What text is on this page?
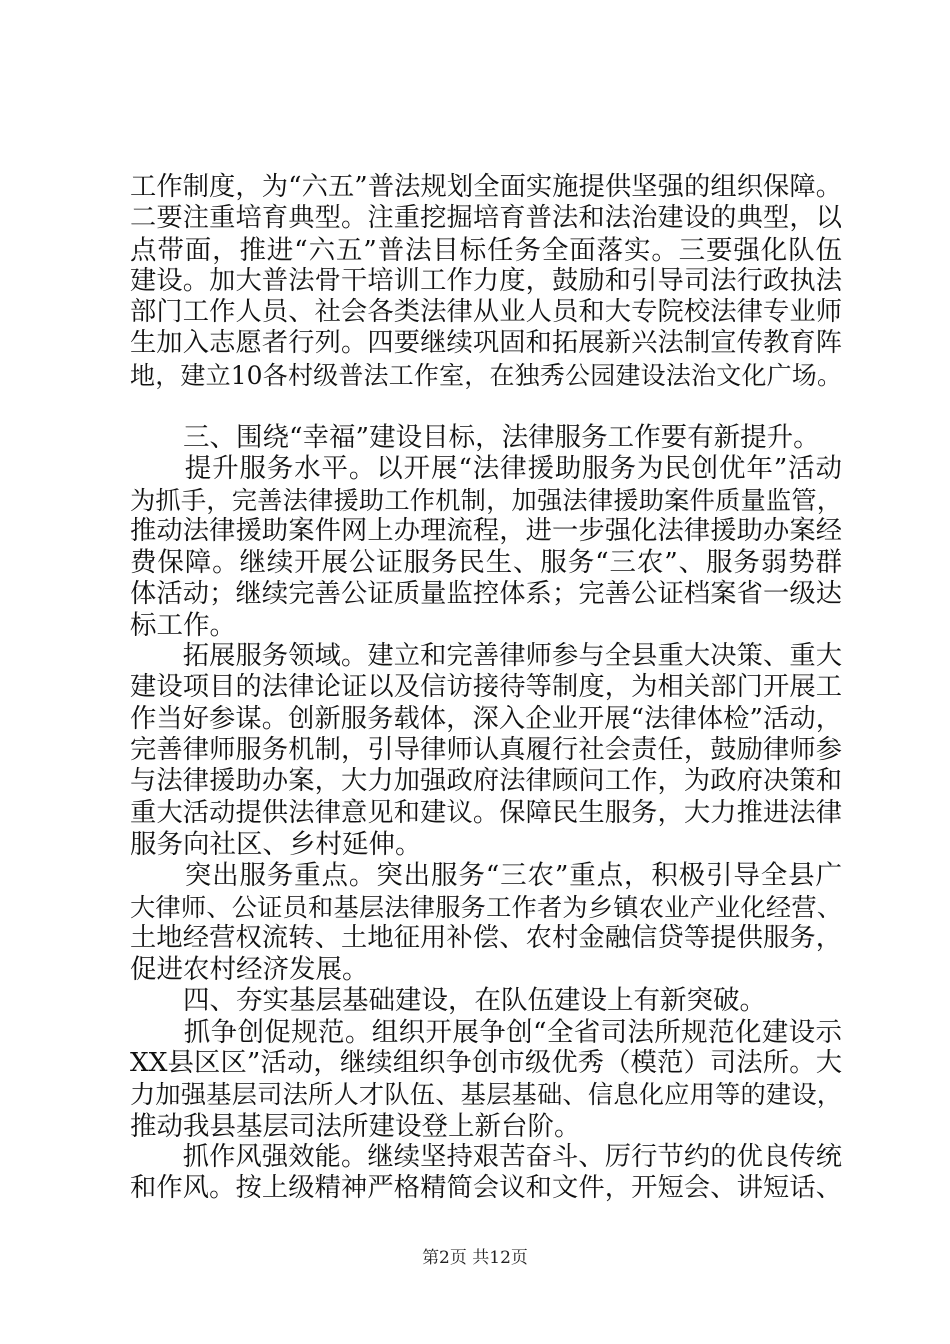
工作制度，为“六五”普法规划全面实施提供坚强的组织保障。
二要注重培育典型。注重挖掘培育普法和法治建设的典型，以
点带面，推进“六五”普法目标任务全面落实。三要强化队伍
建设。加大普法骨干培训工作力度，鼓励和引导司法行政执法
部门工作人员、社会各类法律从业人员和大专院校法律专业师
生加入志愿者行列。四要继续巩固和拓展新兴法制宣传教育阵
地，建立10各村级普法工作室，在独秀公园建设法治文化广场。
　　三、围绕“幸福”建设目标，法律服务工作要有新提升。
　　提升服务水平。以开展“法律援助服务为民创优年”活动
为抓手，完善法律援助工作机制，加强法律援助案件质量监管，
推动法律援助案件网上办理流程，进一步强化法律援助办案经
费保障。继续开展公证服务民生、服务“三农”、服务弱势群
体活动；继续完善公证质量监控体系；完善公证档案省一级达
标工作。
　　拓展服务领域。建立和完善律师参与全县重大决策、重大
建设项目的法律论证以及信访接待等制度，为相关部门开展工
作当好参谋。创新服务载体，深入企业开展“法律体检”活动，
完善律师服务机制，引导律师认真履行社会责任，鼓励律师参
与法律援助办案，大力加强政府法律顾问工作，为政府决策和
重大活动提供法律意见和建议。保障民生服务，大力推进法律
服务向社区、乡村延伸。
　　突出服务重点。突出服务“三农”重点，积极引导全县广
大律师、公证员和基层法律服务工作者为乡镇农业产业化经营、
土地经营权流转、土地征用补偿、农村金融信贷等提供服务，
促进农村经济发展。
　　四、夯实基层基础建设，在队伍建设上有新突破。
　　抓争创促规范。组织开展争创“全省司法所规范化建设示
XX县区区”活动，继续组织争创市级优秀（模范）司法所。大
力加强基层司法所人才队伍、基层基础、信息化应用等的建设，
推动我县基层司法所建设登上新台阶。
　　抓作风强效能。继续坚持艰苦奋斗、厉行节约的优良传统
和作风。按上级精神严格精简会议和文件，开短会、讲短话、
第2页 共12页
